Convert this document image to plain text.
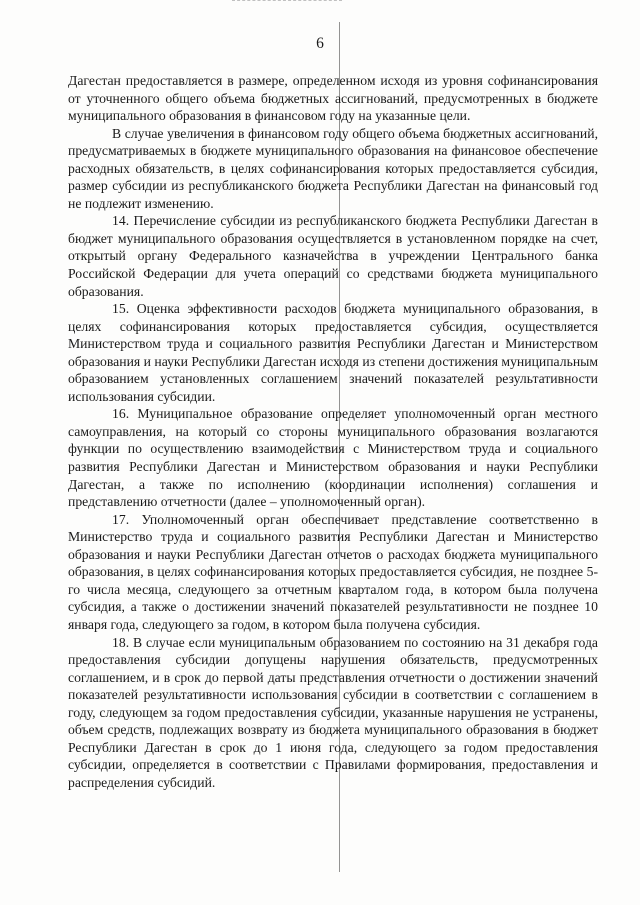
6

Дагестан предоставляется в размере, определенном исходя из уровня софинансирования от уточненного общего объема бюджетных ассигнований, предусмотренных в бюджете муниципального образования в финансовом году на указанные цели.

В случае увеличения в финансовом году общего объема бюджетных ассигнований, предусматриваемых в бюджете муниципального образования на финансовое обеспечение расходных обязательств, в целях софинансирования которых предоставляется субсидия, размер субсидии из республиканского бюджета Республики Дагестан на финансовый год не подлежит изменению.

14. Перечисление субсидии из республиканского бюджета Республики Дагестан в бюджет муниципального образования осуществляется в установленном порядке на счет, открытый органу Федерального казначейства в учреждении Центрального банка Российской Федерации для учета операций со средствами бюджета муниципального образования.

15. Оценка эффективности расходов бюджета муниципального образования, в целях софинансирования которых предоставляется субсидия, осуществляется Министерством труда и социального развития Республики Дагестан и Министерством образования и науки Республики Дагестан исходя из степени достижения муниципальным образованием установленных соглашением значений показателей результативности использования субсидии.

16. Муниципальное образование определяет уполномоченный орган местного самоуправления, на который со стороны муниципального образования возлагаются функции по осуществлению взаимодействия с Министерством труда и социального развития Республики Дагестан и Министерством образования и науки Республики Дагестан, а также по исполнению (координации исполнения) соглашения и представлению отчетности (далее – уполномоченный орган).

17. Уполномоченный орган обеспечивает представление соответственно в Министерство труда и социального развития Республики Дагестан и Министерство образования и науки Республики Дагестан отчетов о расходах бюджета муниципального образования, в целях софинансирования которых предоставляется субсидия, не позднее 5-го числа месяца, следующего за отчетным кварталом года, в котором была получена субсидия, а также о достижении значений показателей результативности не позднее 10 января года, следующего за годом, в котором была получена субсидия.

18. В случае если муниципальным образованием по состоянию на 31 декабря года предоставления субсидии допущены нарушения обязательств, предусмотренных соглашением, и в срок до первой даты представления отчетности о достижении значений показателей результативности использования субсидии в соответствии с соглашением в году, следующем за годом предоставления субсидии, указанные нарушения не устранены, объем средств, подлежащих возврату из бюджета муниципального образования в бюджет Республики Дагестан в срок до 1 июня года, следующего за годом предоставления субсидии, определяется в соответствии с Правилами формирования, предоставления и распределения субсидий.
